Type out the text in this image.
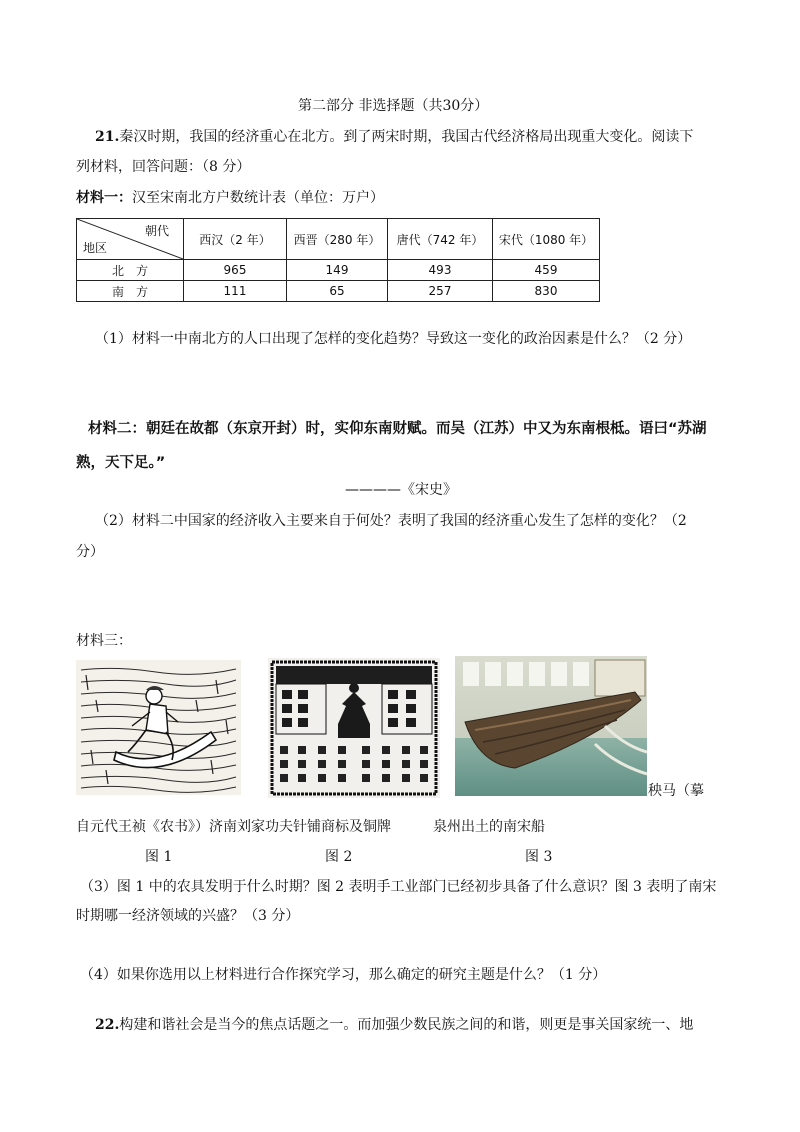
第二部分 非选择题（共30分）
21.秦汉时期，我国的经济重心在北方。到了两宋时期，我国古代经济格局出现重大变化。阅读下
列材料，回答问题：（8 分）
材料一：汉至宋南北方户数统计表（单位：万户）
朝代
地区	西汉（2 年）	西晋（280 年）	唐代（742 年）	宋代（1080 年）
北　方	965	149	493	459
南　方	111	65	257	830
（1）材料一中南北方的人口出现了怎样的变化趋势？导致这一变化的政治因素是什么？（2 分）
材料二：朝廷在故都（东京开封）时，实仰东南财赋。而吴（江苏）中又为东南根柢。语曰“苏湖
熟，天下足。”
————《宋史》
（2）材料二中国家的经济收入主要来自于何处？表明了我国的经济重心发生了怎样的变化？（2
分）
材料三：
秧马（摹
自元代王祯《农书》）济南刘家功夫针铺商标及铜牌　　　泉州出土的南宋船
图 1	图 2	图 3
（3）图 1 中的农具发明于什么时期？图 2 表明手工业部门已经初步具备了什么意识？图 3 表明了南宋
时期哪一经济领域的兴盛？（3 分）
（4）如果你选用以上材料进行合作探究学习，那么确定的研究主题是什么？（1 分）
22.构建和谐社会是当今的焦点话题之一。而加强少数民族之间的和谐，则更是事关国家统一、地
